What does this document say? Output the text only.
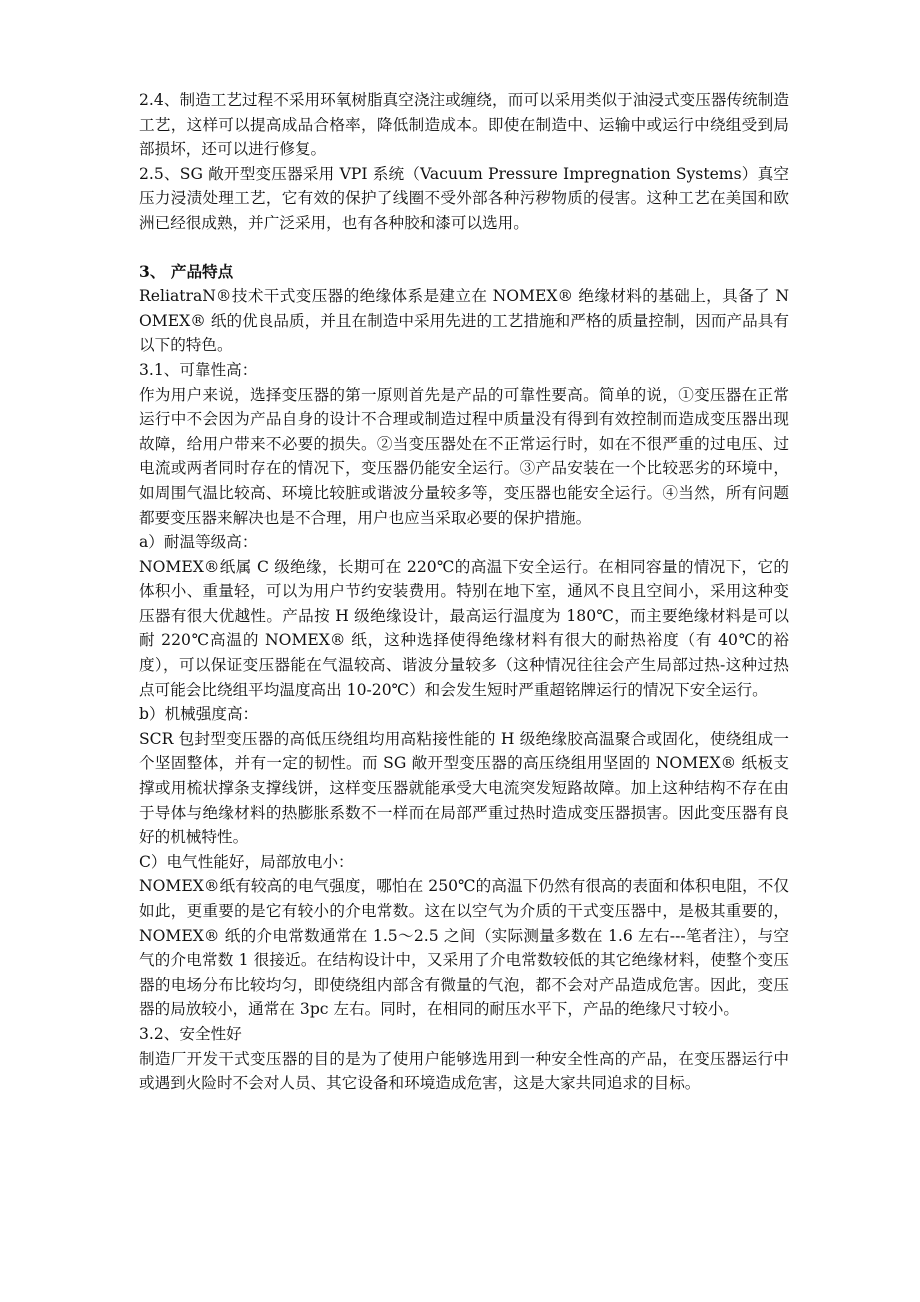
2.4、制造工艺过程不采用环氧树脂真空浇注或缠绕，而可以采用类似于油浸式变压器传统制造工艺，这样可以提高成品合格率，降低制造成本。即使在制造中、运输中或运行中绕组受到局部损坏，还可以进行修复。

2.5、SG 敞开型变压器采用 VPI 系统（Vacuum Pressure Impregnation Systems）真空压力浸渍处理工艺，它有效的保护了线圈不受外部各种污秽物质的侵害。这种工艺在美国和欧洲已经很成熟，并广泛采用，也有各种胶和漆可以选用。

3、 产品特点

ReliatraN®技术干式变压器的绝缘体系是建立在 NOMEX® 绝缘材料的基础上，具备了 NOMEX® 纸的优良品质，并且在制造中采用先进的工艺措施和严格的质量控制，因而产品具有以下的特色。

3.1、可靠性高：

作为用户来说，选择变压器的第一原则首先是产品的可靠性要高。简单的说，①变压器在正常运行中不会因为产品自身的设计不合理或制造过程中质量没有得到有效控制而造成变压器出现故障，给用户带来不必要的损失。②当变压器处在不正常运行时，如在不很严重的过电压、过电流或两者同时存在的情况下，变压器仍能安全运行。③产品安装在一个比较恶劣的环境中，如周围气温比较高、环境比较脏或谐波分量较多等，变压器也能安全运行。④当然，所有问题都要变压器来解决也是不合理，用户也应当采取必要的保护措施。

a）耐温等级高：

NOMEX®纸属 C 级绝缘，长期可在 220℃的高温下安全运行。在相同容量的情况下，它的体积小、重量轻，可以为用户节约安装费用。特别在地下室，通风不良且空间小，采用这种变压器有很大优越性。产品按 H 级绝缘设计，最高运行温度为 180℃，而主要绝缘材料是可以耐 220℃高温的 NOMEX® 纸，这种选择使得绝缘材料有很大的耐热裕度（有 40℃的裕度），可以保证变压器能在气温较高、谐波分量较多（这种情况往往会产生局部过热-这种过热点可能会比绕组平均温度高出 10-20℃）和会发生短时严重超铭牌运行的情况下安全运行。

b）机械强度高：

SCR 包封型变压器的高低压绕组均用高粘接性能的 H 级绝缘胶高温聚合或固化，使绕组成一个坚固整体，并有一定的韧性。而 SG 敞开型变压器的高压绕组用坚固的 NOMEX® 纸板支撑或用梳状撑条支撑线饼，这样变压器就能承受大电流突发短路故障。加上这种结构不存在由于导体与绝缘材料的热膨胀系数不一样而在局部严重过热时造成变压器损害。因此变压器有良好的机械特性。

C）电气性能好，局部放电小：

NOMEX®纸有较高的电气强度，哪怕在 250℃的高温下仍然有很高的表面和体积电阻，不仅如此，更重要的是它有较小的介电常数。这在以空气为介质的干式变压器中，是极其重要的，NOMEX® 纸的介电常数通常在 1.5～2.5 之间（实际测量多数在 1.6 左右---笔者注），与空气的介电常数 1 很接近。在结构设计中，又采用了介电常数较低的其它绝缘材料，使整个变压器的电场分布比较均匀，即使绕组内部含有微量的气泡，都不会对产品造成危害。因此，变压器的局放较小，通常在 3pc 左右。同时，在相同的耐压水平下，产品的绝缘尺寸较小。

3.2、安全性好

制造厂开发干式变压器的目的是为了使用户能够选用到一种安全性高的产品，在变压器运行中或遇到火险时不会对人员、其它设备和环境造成危害，这是大家共同追求的目标。
